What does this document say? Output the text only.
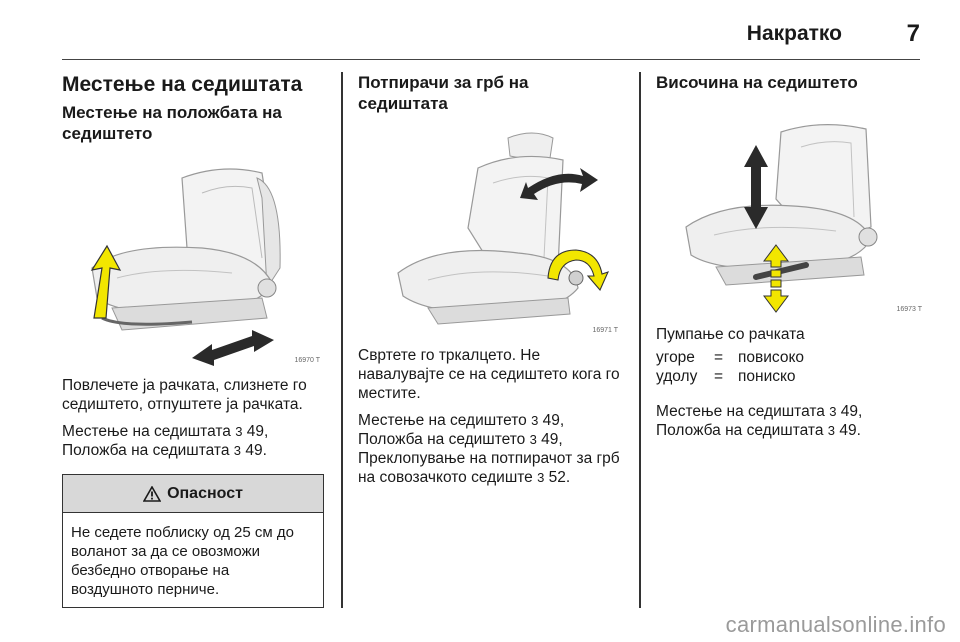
Накратко	7
Местење на седиштата
Местење на положбата на седиштето
16970 T

Повлечете ја рачката, слизнете го седиштето, отпуштете ја рачката.

Местење на седиштата 3 49,

Положба на седиштата 3 49.

Опасност
Не седете поблиску од 25 см до воланот за да се овозможи безбедно отворање на воздушното перниче.
Потпирачи за грб на седиштата
16971 T

Свртете го тркалцето. Не навалувајте се на седиштето кога го местите.

Местење на седиштето 3 49,

Положба на седиштето 3 49,

Преклопување на потпирачот за грб на совозачкото седиште 3 52.

Височина на седиштето
16973 T

Пумпање со рачката

угоре	= повисоко
удолу	= пониско

Местење на седиштата 3 49,

Положба на седиштата 3 49.

carmanualsonline.info
